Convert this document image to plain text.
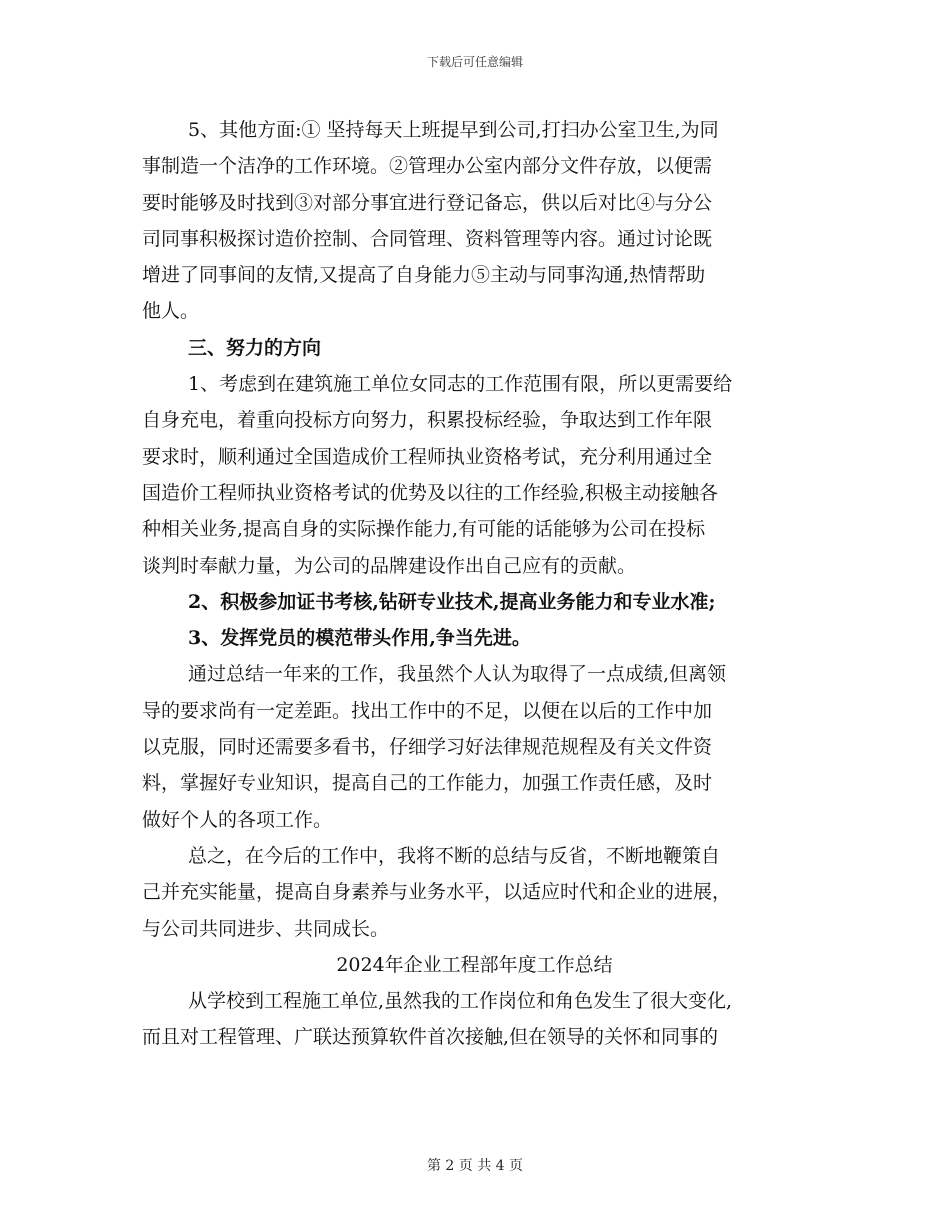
下载后可任意编辑
5、其他方面:① 坚持每天上班提早到公司,打扫办公室卫生,为同
事制造一个洁净的工作环境。②管理办公室内部分文件存放，以便需
要时能够及时找到③对部分事宜进行登记备忘，供以后对比④与分公
司同事积极探讨造价控制、合同管理、资料管理等内容。通过讨论既
增进了同事间的友情,又提高了自身能力⑤主动与同事沟通,热情帮助
他人。
三、努力的方向
1、考虑到在建筑施工单位女同志的工作范围有限，所以更需要给
自身充电，着重向投标方向努力，积累投标经验，争取达到工作年限
要求时，顺利通过全国造成价工程师执业资格考试，充分利用通过全
国造价工程师执业资格考试的优势及以往的工作经验,积极主动接触各
种相关业务,提高自身的实际操作能力,有可能的话能够为公司在投标
谈判时奉献力量，为公司的品牌建设作出自己应有的贡献。
2、积极参加证书考核,钻研专业技术,提高业务能力和专业水准;
3、发挥党员的模范带头作用,争当先进。
通过总结一年来的工作，我虽然个人认为取得了一点成绩,但离领
导的要求尚有一定差距。找出工作中的不足，以便在以后的工作中加
以克服，同时还需要多看书，仔细学习好法律规范规程及有关文件资
料，掌握好专业知识，提高自己的工作能力，加强工作责任感，及时
做好个人的各项工作。
总之，在今后的工作中，我将不断的总结与反省，不断地鞭策自
己并充实能量，提高自身素养与业务水平，以适应时代和企业的进展，
与公司共同进步、共同成长。
2024年企业工程部年度工作总结
从学校到工程施工单位,虽然我的工作岗位和角色发生了很大变化,
而且对工程管理、广联达预算软件首次接触,但在领导的关怀和同事的
第 2 页 共 4 页
